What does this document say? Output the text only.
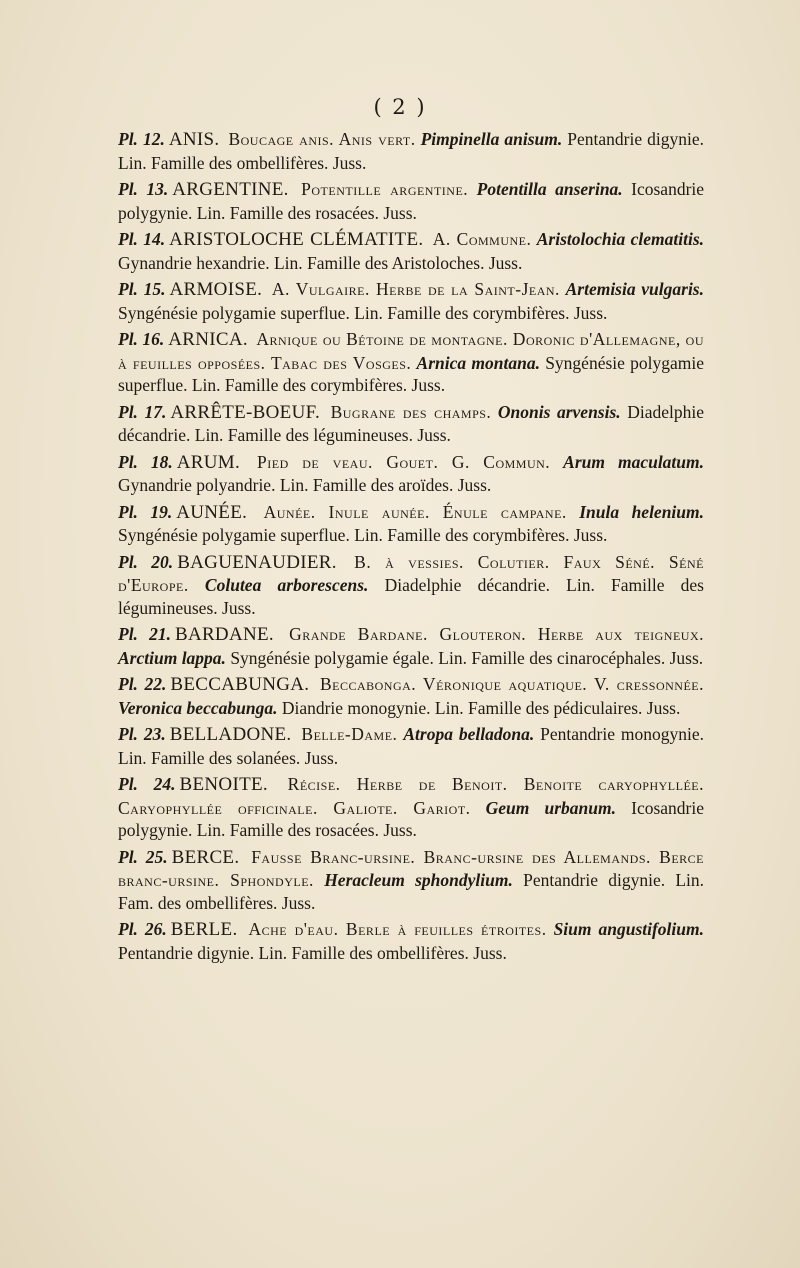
( 2 )

Pl. 12. ANIS. Boucage anis. Anis vert. Pimpinella anisum. Pentandrie digynie. Lin. Famille des ombellifères. Juss.

Pl. 13. ARGENTINE. Potentille argentine. Potentilla anserina. Icosandrie polygynie. Lin. Famille des rosacées. Juss.

Pl. 14. ARISTOLOCHE CLÉMATITE. A. Commune. Aristolochia clematitis. Gynandrie hexandrie. Lin. Famille des Aristoloches. Juss.

Pl. 15. ARMOISE. A. Vulgaire. Herbe de la Saint-Jean. Artemisia vulgaris. Syngénésie polygamie superflue. Lin. Famille des corymbifères. Juss.

Pl. 16. ARNICA. Arnique ou Bétoine de montagne. Doronic d'Allemagne, ou à feuilles opposées. Tabac des Vosges. Arnica montana. Syngénésie polygamie superflue. Lin. Famille des corymbifères. Juss.

Pl. 17. ARRÊTE-BOEUF. Bugrane des champs. Ononis arvensis. Diadelphie décandrie. Lin. Famille des légumineuses. Juss.

Pl. 18. ARUM. Pied de veau. Gouet. G. Commun. Arum maculatum. Gynandrie polyandrie. Lin. Famille des aroïdes. Juss.

Pl. 19. AUNÉE. Aunée. Inule aunée. Énule campane. Inula helenium. Syngénésie polygamie superflue. Lin. Famille des corymbifères. Juss.

Pl. 20. BAGUENAUDIER. B. à vessies. Colutier. Faux Séné. Séné d'Europe. Colutea arborescens. Diadelphie décandrie. Lin. Famille des légumineuses. Juss.

Pl. 21. BARDANE. Grande Bardane. Glouteron. Herbe aux teigneux. Arctium lappa. Syngénésie polygamie égale. Lin. Famille des cinarocéphales. Juss.

Pl. 22. BECCABUNGA. Beccabonga. Véronique aquatique. V. cressonnée. Veronica beccabunga. Diandrie monogynie. Lin. Famille des pédiculaires. Juss.

Pl. 23. BELLADONE. Belle-Dame. Atropa belladona. Pentandrie monogynie. Lin. Famille des solanées. Juss.

Pl. 24. BENOITE. Récise. Herbe de Benoit. Benoite caryophyllée. Caryophyllée officinale. Galiote. Gariot. Geum urbanum. Icosandrie polygynie. Lin. Famille des rosacées. Juss.

Pl. 25. BERCE. Fausse Branc-ursine. Branc-ursine des Allemands. Berce branc-ursine. Sphondyle. Heracleum sphondylium. Pentandrie digynie. Lin. Fam. des ombellifères. Juss.

Pl. 26. BERLE. Ache d'eau. Berle à feuilles étroites. Sium angustifolium. Pentandrie digynie. Lin. Famille des ombellifères. Juss.
